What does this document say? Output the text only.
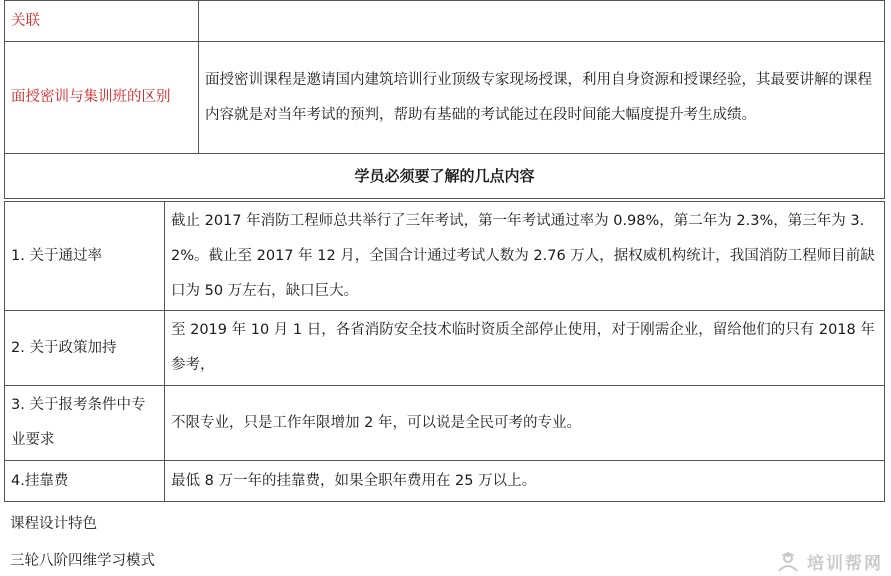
关联	
面授密训与集训班的区别	面授密训课程是邀请国内建筑培训行业顶级专家现场授课，利用自身资源和授课经验，其最要讲解的课程内容就是对当年考试的预判，帮助有基础的考试能过在段时间能大幅度提升考生成绩。
学员必须要了解的几点内容	
1. 关于通过率	截止 2017 年消防工程师总共举行了三年考试，第一年考试通过率为 0.98%，第二年为 2.3%，第三年为 3.2%。截止至 2017 年 12 月，全国合计通过考试人数为 2.76 万人，据权威机构统计，我国消防工程师目前缺口为 50 万左右，缺口巨大。
2. 关于政策加持	至 2019 年 10 月 1 日，各省消防安全技术临时资质全部停止使用，对于刚需企业，留给他们的只有 2018 年参考，
3. 关于报考条件中专业要求	不限专业，只是工作年限增加 2 年，可以说是全民可考的专业。
4.挂靠费	最低 8 万一年的挂靠费，如果全职年费用在 25 万以上。
课程设计特色
三轮八阶四维学习模式	培训帮网
